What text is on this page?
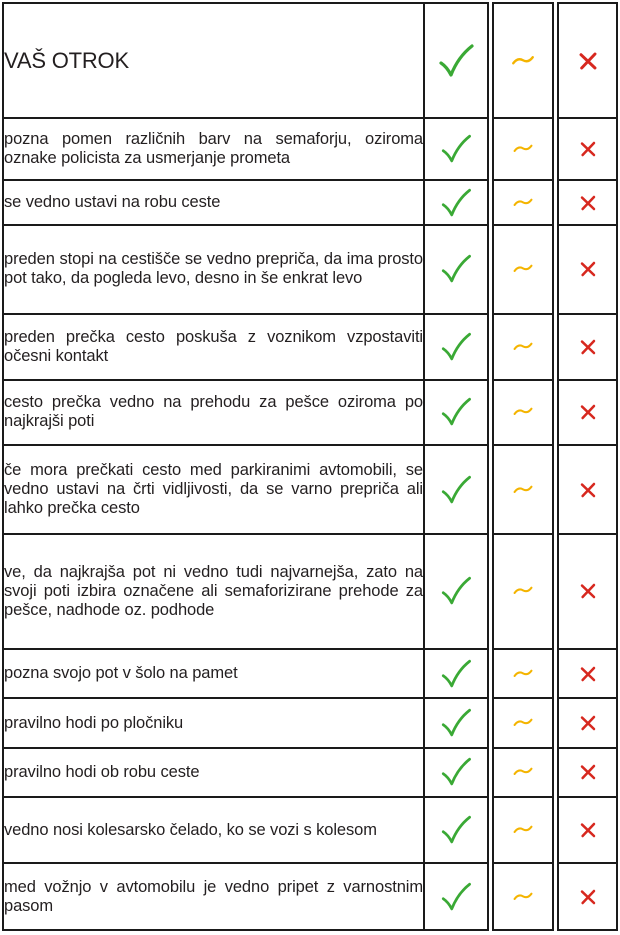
VAŠ OTROK					
pozna pomen različnih barv na semaforju, oziroma oznake policista za usmerjanje prometa					
se vedno ustavi na robu ceste					
preden stopi na cestišče se vedno prepriča, da ima prosto pot tako, da pogleda levo, desno in še enkrat levo					
preden prečka cesto poskuša z voznikom vzpostaviti očesni kontakt					
cesto prečka vedno na prehodu za pešce oziroma po najkrajši poti					
če mora prečkati cesto med parkiranimi avtomobili, se vedno ustavi na črti vidljivosti, da se varno prepriča ali lahko prečka cesto					
ve, da najkrajša pot ni vedno tudi najvarnejša, zato na svoji poti izbira označene ali semaforizirane prehode za pešce, nadhode oz. podhode					
pozna svojo pot v šolo na pamet					
pravilno hodi po pločniku					
pravilno hodi ob robu ceste					
vedno nosi kolesarsko čelado, ko se vozi s kolesom					
med vožnjo v avtomobilu je vedno pripet z varnostnim pasom					
